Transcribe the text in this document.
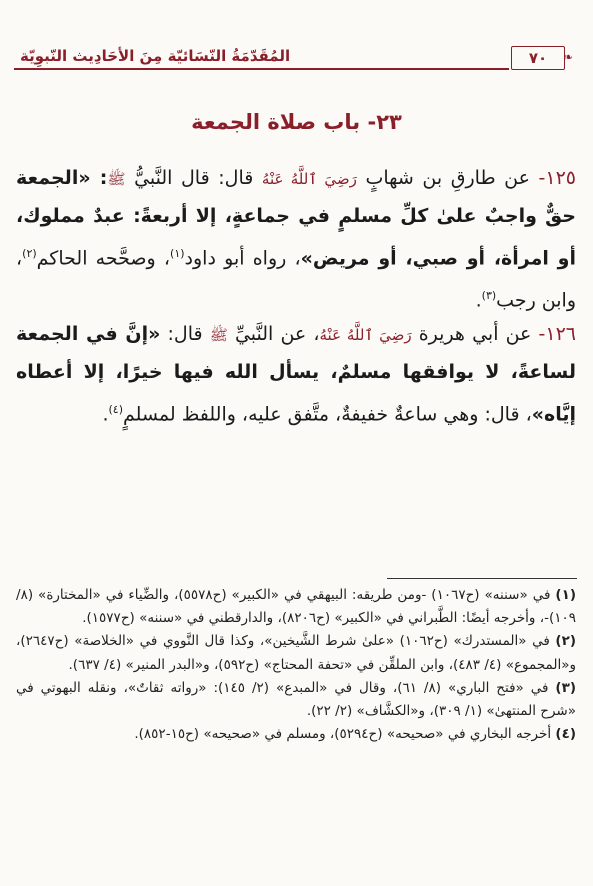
❧
٧٠
المُقَدّمَةُ النّسَائيّة مِنَ الأحَادِيث النّبوِيّة
٢٣- باب صلاة الجمعة
١٢٥- عن طارقِ بن شهابٍ رَضِيَ ٱللَّهُ عَنْهُ قال: قال النَّبيُّ ﷺ: «الجمعة حقٌّ واجبٌ علىٰ كلِّ مسلمٍ في جماعةٍ، إلا أربعةً: عبدٌ مملوك، أو امرأة، أو صبي، أو مريض»، رواه أبو داود$^{(١)}$، وصحَّحه الحاكم$^{(٢)}$، وابن رجب$^{(٣)}$.
١٢٦- عن أبي هريرة رَضِيَ ٱللَّهُ عَنْهُ، عن النَّبيِّ ﷺ قال: «إنَّ في الجمعة لساعةً، لا يوافقها مسلمٌ، يسأل الله فيها خيرًا، إلا أعطاه إيَّاه»، قال: وهي ساعةٌ خفيفةٌ، متَّفق عليه، واللفظ لمسلمٍ$^{(٤)}$.

(١) في «سننه» (ح١٠٦٧) -ومن طريقه: البيهقي في «الكبير» (ح٥٥٧٨)، والضِّياء في «المختارة» (٨/ ١٠٩)-، وأخرجه أيضًا: الطَّبراني في «الكبير» (ح٨٢٠٦)، والدارقطني في «سننه» (ح١٥٧٧).

(٢) في «المستدرك» (ح١٠٦٢) «علىٰ شرط الشَّيخين»، وكذا قال النَّووي في «الخلاصة» (ح٢٦٤٧)، و«المجموع» (٤/ ٤٨٣)، وابن الملقِّن في «تحفة المحتاج» (ح٥٩٢)، و«البدر المنير» (٤/ ٦٣٧).

(٣) في «فتح الباري» (٨/ ٦١)، وقال في «المبدع» (٢/ ١٤٥): «رواته ثقاتٌ»، ونقله البهوتي في «شرح المنتهىٰ» (١/ ٣٠٩)، و«الكشَّاف» (٢/ ٢٢).

(٤) أخرجه البخاري في «صحيحه» (ح٥٢٩٤)، ومسلم في «صحيحه» (ح١٥-٨٥٢).
